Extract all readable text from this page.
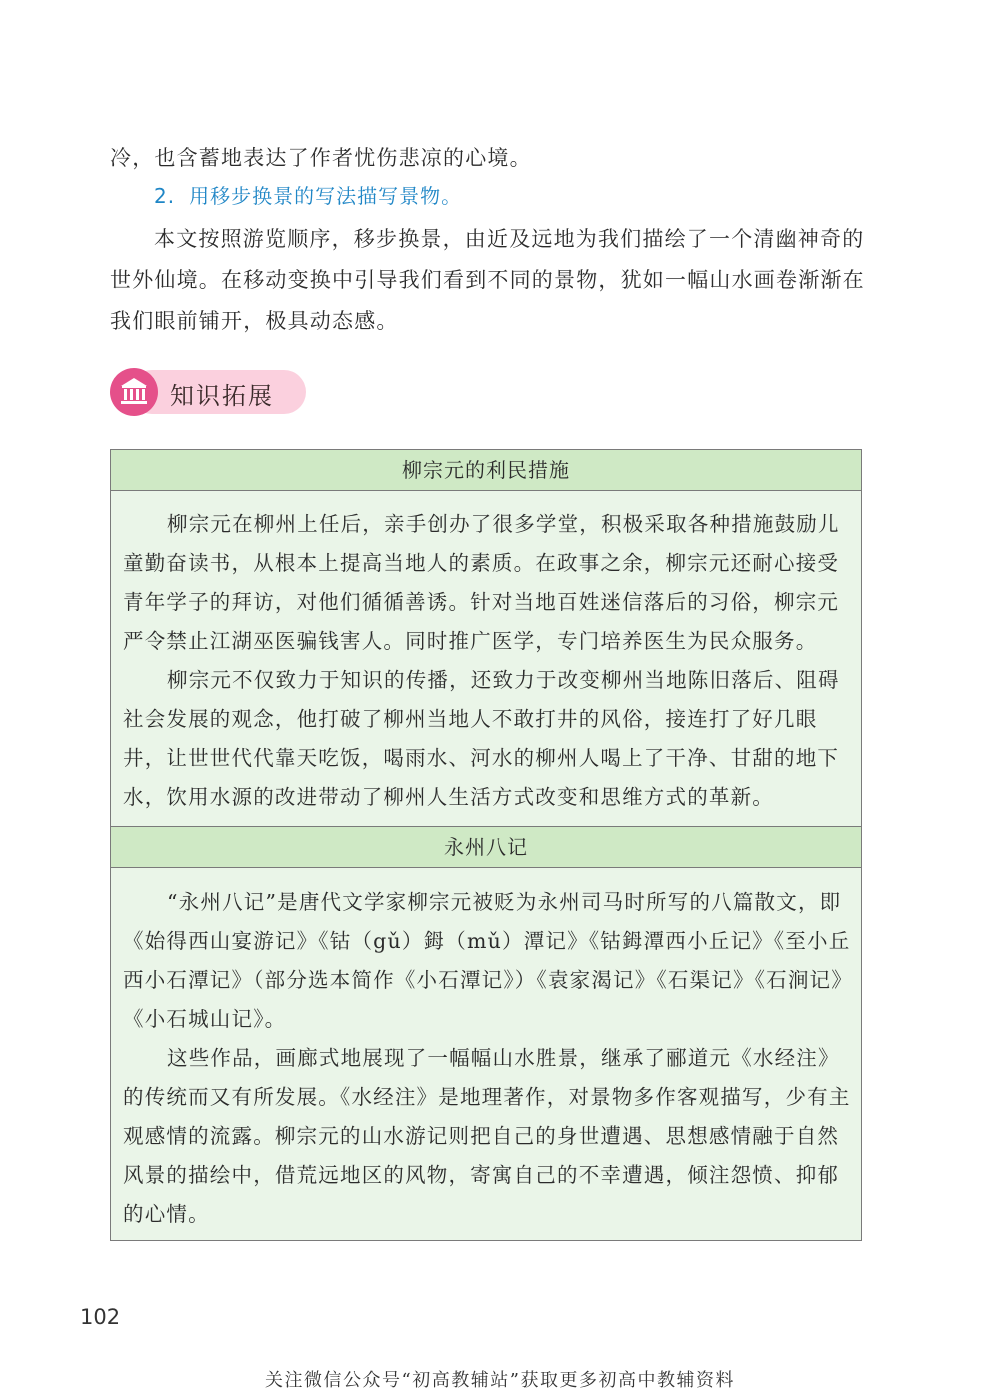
冷，也含蓄地表达了作者忧伤悲凉的心境。

2. 用移步换景的写法描写景物。

本文按照游览顺序，移步换景，由近及远地为我们描绘了一个清幽神奇的世外仙境。在移动变换中引导我们看到不同的景物，犹如一幅山水画卷渐渐在我们眼前铺开，极具动态感。

知识拓展
柳宗元的利民措施

柳宗元在柳州上任后，亲手创办了很多学堂，积极采取各种措施鼓励儿童勤奋读书，从根本上提高当地人的素质。在政事之余，柳宗元还耐心接受青年学子的拜访，对他们循循善诱。针对当地百姓迷信落后的习俗，柳宗元严令禁止江湖巫医骗钱害人。同时推广医学，专门培养医生为民众服务。

柳宗元不仅致力于知识的传播，还致力于改变柳州当地陈旧落后、阻碍社会发展的观念，他打破了柳州当地人不敢打井的风俗，接连打了好几眼井，让世世代代靠天吃饭，喝雨水、河水的柳州人喝上了干净、甘甜的地下水，饮用水源的改进带动了柳州人生活方式改变和思维方式的革新。

永州八记

“永州八记”是唐代文学家柳宗元被贬为永州司马时所写的八篇散文，即《始得西山宴游记》《钴（gǔ）鉧（mǔ）潭记》《钴鉧潭西小丘记》《至小丘西小石潭记》（部分选本简作《小石潭记》）《袁家渴记》《石渠记》《石涧记》《小石城山记》。

这些作品，画廊式地展现了一幅幅山水胜景，继承了郦道元《水经注》的传统而又有所发展。《水经注》是地理著作，对景物多作客观描写，少有主观感情的流露。柳宗元的山水游记则把自己的身世遭遇、思想感情融于自然风景的描绘中，借荒远地区的风物，寄寓自己的不幸遭遇，倾注怨愤、抑郁的心情。

102
关注微信公众号“初高教辅站”获取更多初高中教辅资料
